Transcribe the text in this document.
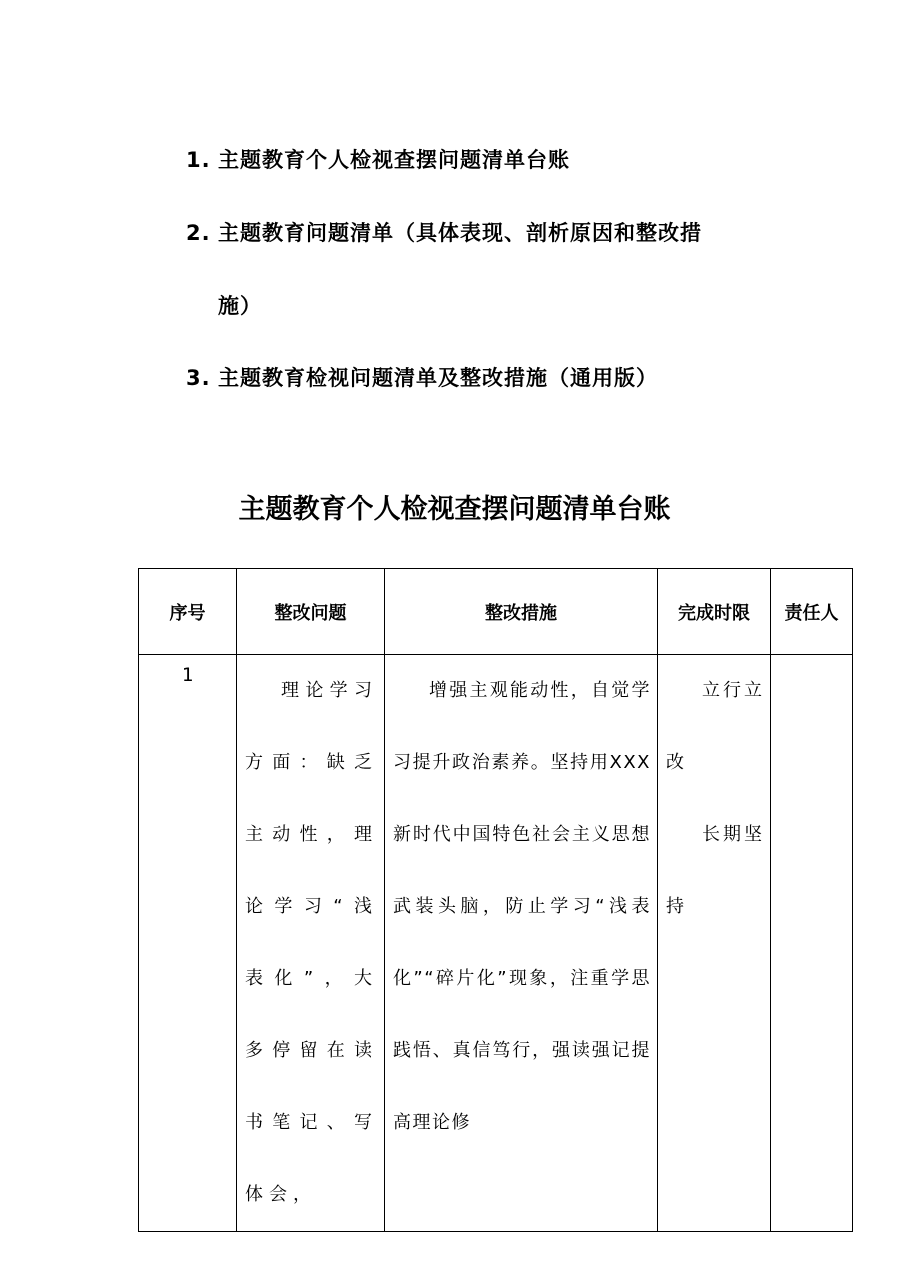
1. 主题教育个人检视查摆问题清单台账
2. 主题教育问题清单（具体表现、剖析原因和整改措
施）
3. 主题教育检视问题清单及整改措施（通用版）
主题教育个人检视查摆问题清单台账
序号	整改问题	整改措施	完成时限	责任人

1	理论学习方面：缺乏主动性，理论学习“浅表化”，大多停留在读书笔记、写体会，	增强主观能动性，自觉学习提升政治素养。坚持用XXX新时代中国特色社会主义思想武装头脑，防止学习“浅表化”“碎片化”现象，注重学思践悟、真信笃行，强读强记提高理论修	立行立改
长期坚持	
